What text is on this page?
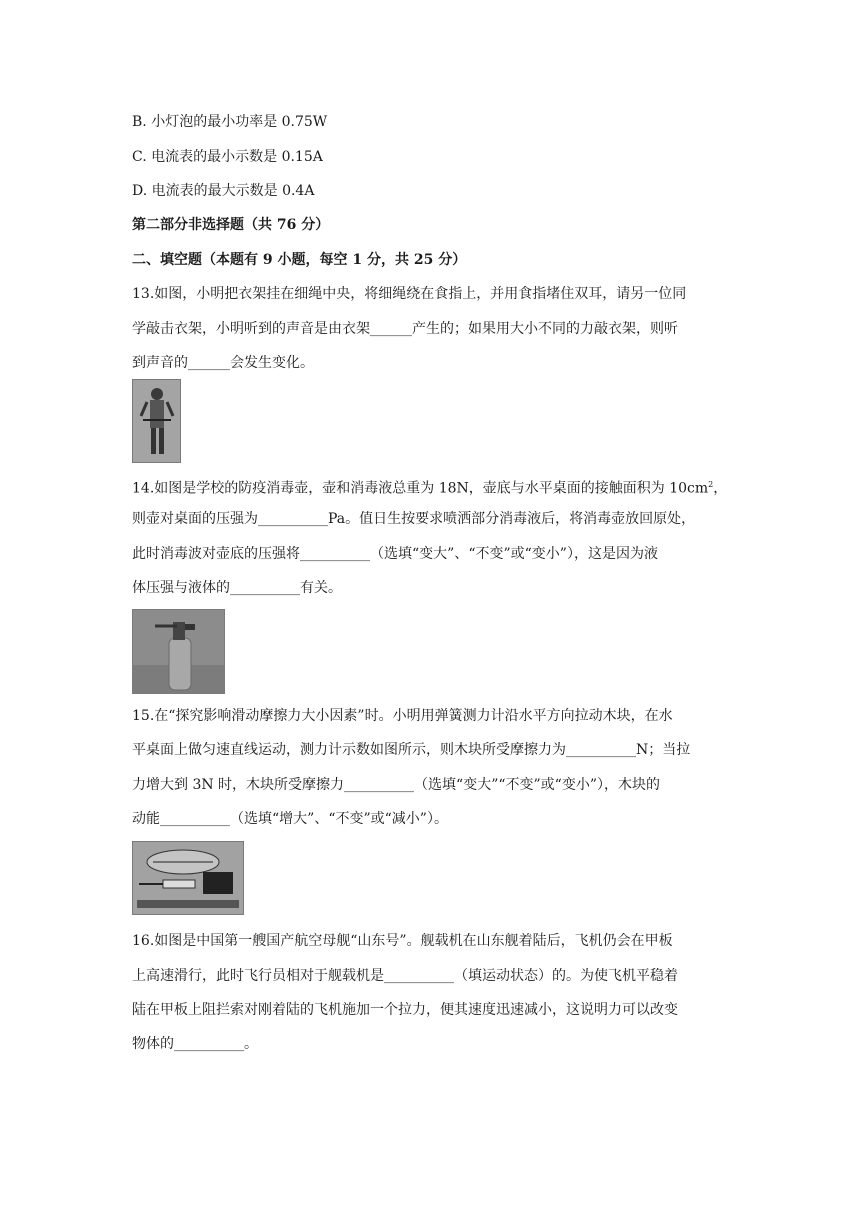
B. 小灯泡的最小功率是 0.75W
C. 电流表的最小示数是 0.15A
D. 电流表的最大示数是 0.4A
第二部分非选择题（共 76 分）
二、填空题（本题有 9 小题，每空 1 分，共 25 分）
13.如图，小明把衣架挂在细绳中央，将细绳绕在食指上，并用食指堵住双耳，请另一位同
学敲击衣架，小明听到的声音是由衣架______产生的；如果用大小不同的力敲衣架，则听
到声音的______会发生变化。
14.如图是学校的防疫消毒壶，壶和消毒液总重为 18N，壶底与水平桌面的接触面积为 $10cm^2$，
则壶对桌面的压强为__________Pa。值日生按要求喷洒部分消毒液后，将消毒壶放回原处，
此时消毒波对壶底的压强将__________（选填“变大”、“不变”或“变小”），这是因为液
体压强与液体的__________有关。
15.在“探究影响滑动摩擦力大小因素”时。小明用弹簧测力计沿水平方向拉动木块，在水
平桌面上做匀速直线运动，测力计示数如图所示，则木块所受摩擦力为__________N；当拉
力增大到 3N 时，木块所受摩擦力__________（选填“变大”“不变”或“变小”），木块的
动能__________（选填“增大”、“不变”或“减小”）。
16.如图是中国第一艘国产航空母舰“山东号”。舰载机在山东舰着陆后，飞机仍会在甲板
上高速滑行，此时飞行员相对于舰载机是__________（填运动状态）的。为使飞机平稳着
陆在甲板上阻拦索对刚着陆的飞机施加一个拉力，便其速度迅速减小，这说明力可以改变
物体的__________。
